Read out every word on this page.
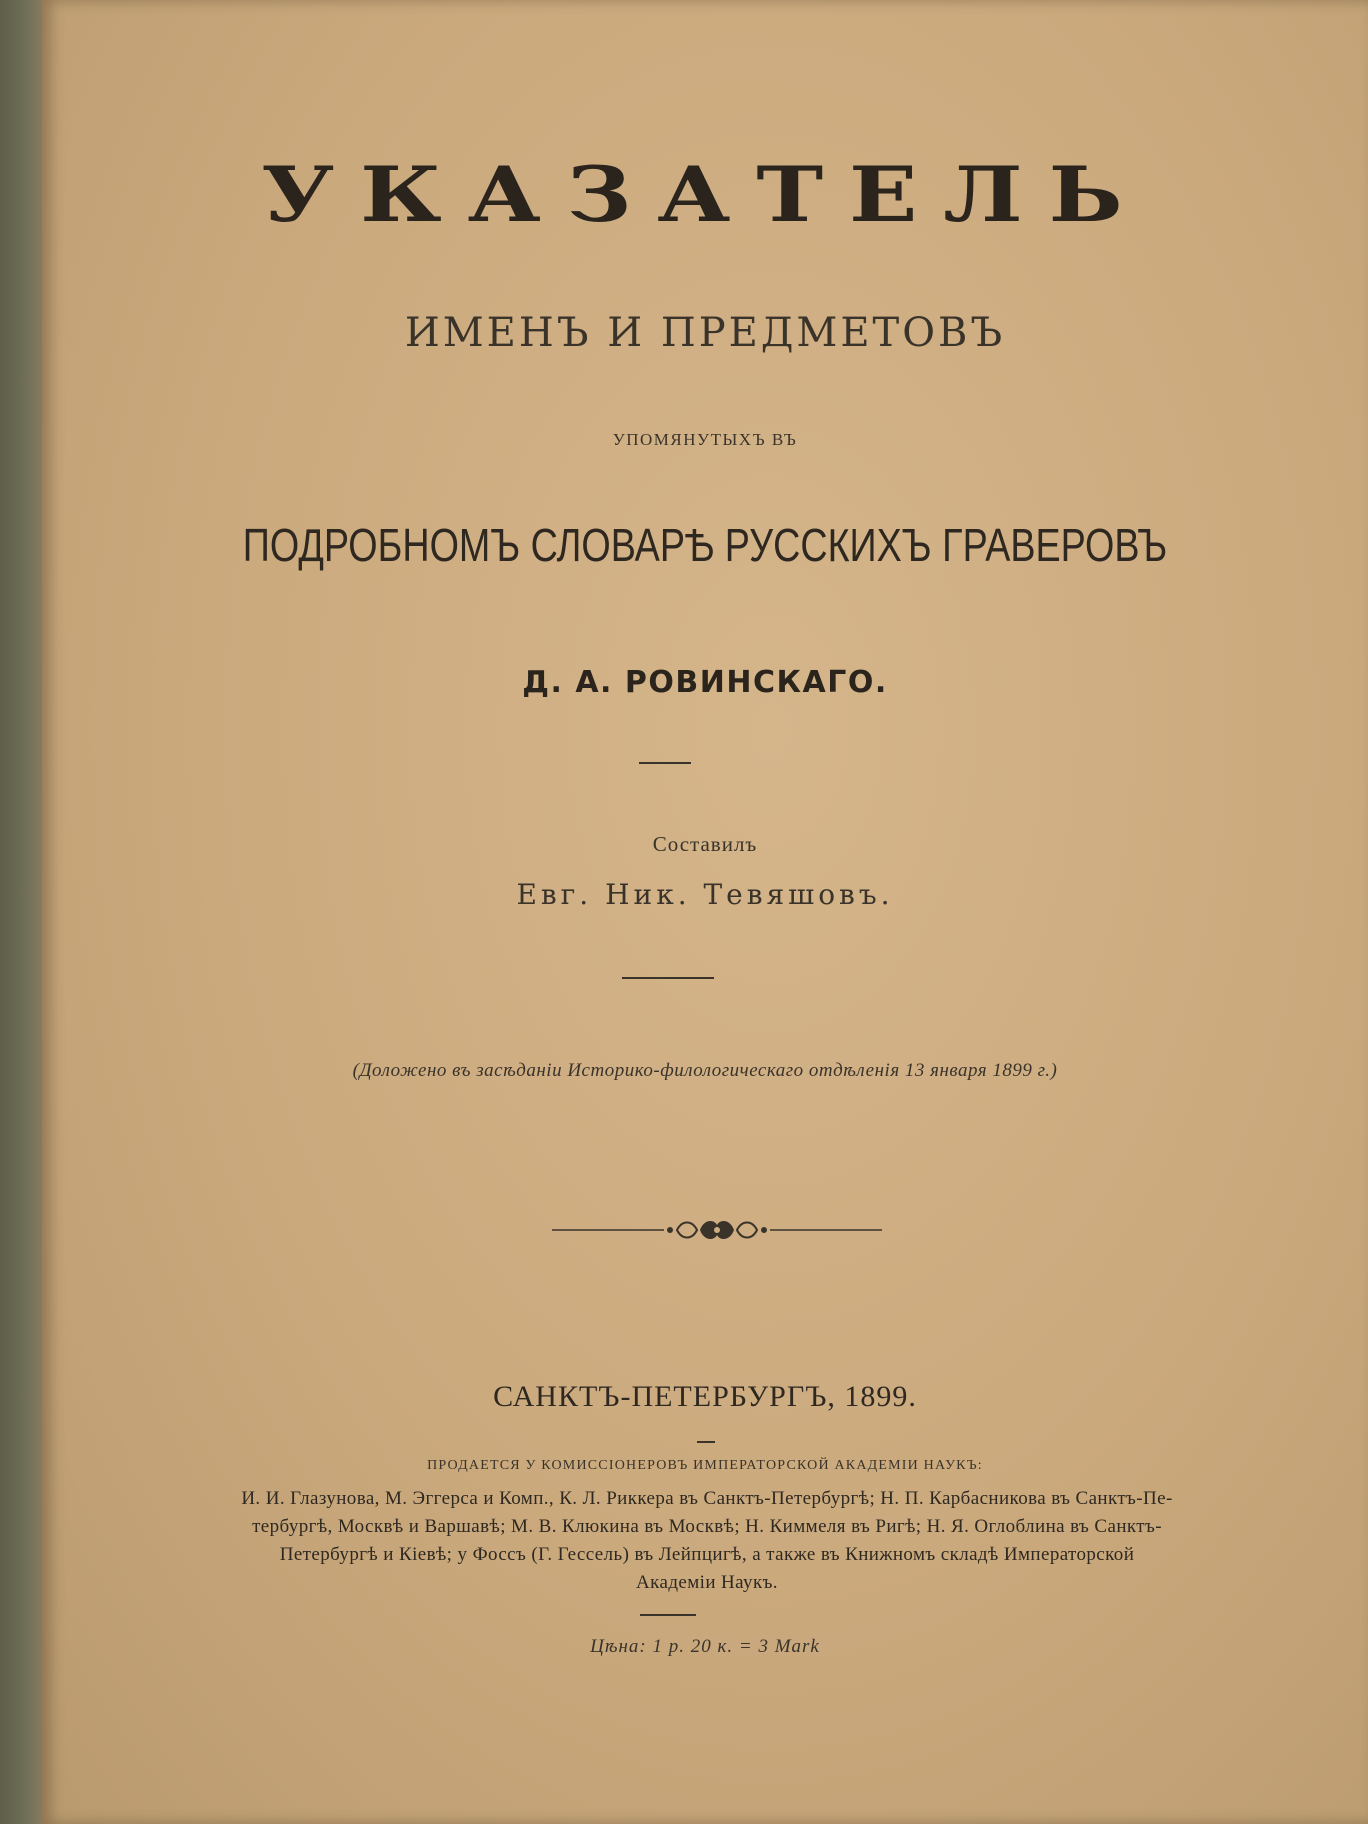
УКАЗАТЕЛЬ
ИМЕНЪ И ПРЕДМЕТОВЪ
УПОМЯНУТЫХЪ ВЪ
ПОДРОБНОМЪ СЛОВАРѢ РУССКИХЪ ГРАВЕРОВЪ
Д. А. РОВИНСКАГО.
Составилъ
Евг. Ник. Тевяшовъ.
(Доложено въ засѣданіи Историко-филологическаго отдѣленія 13 января 1899 г.)
САНКТЪ-ПЕТЕРБУРГЪ, 1899.
ПРОДАЕТСЯ У КОМИССІОНЕРОВЪ ИМПЕРАТОРСКОЙ АКАДЕМІИ НАУКЪ:
И. И. Глазунова, М. Эггерса и Комп., К. Л. Риккера въ Санктъ-Петербургѣ; Н. П. Карбасникова въ Санктъ-Пе-
тербургѣ, Москвѣ и Варшавѣ; М. В. Клюкина въ Москвѣ; Н. Киммеля въ Ригѣ; Н. Я. Оглоблина въ Санктъ-
Петербургѣ и Кіевѣ; у Фоссъ (Г. Гессель) въ Лейпцигѣ, а также въ Книжномъ складѣ Императорской
Академіи Наукъ.
Цѣна: 1 р. 20 к. = 3 Mark
